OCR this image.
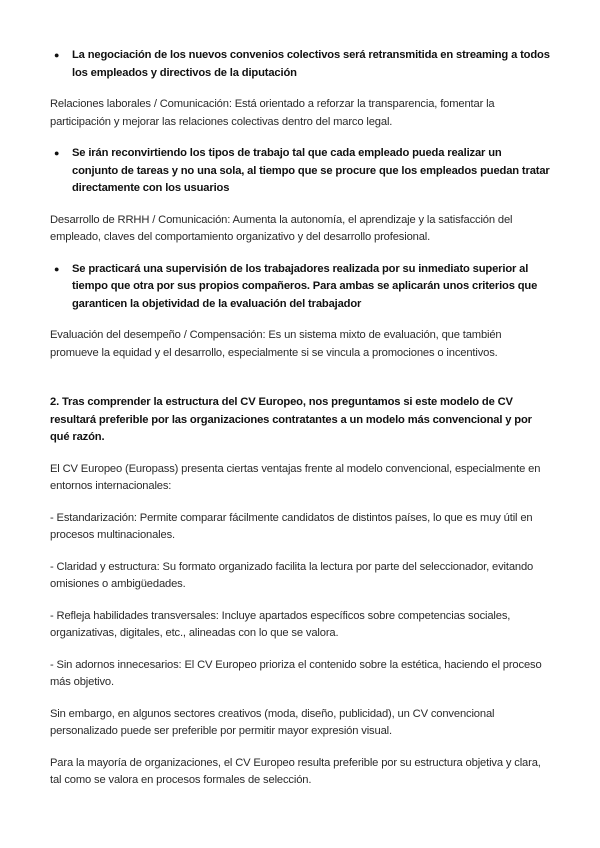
●	La negociación de los nuevos convenios colectivos será retransmitida en streaming a todos los empleados y directivos de la diputación
Relaciones laborales / Comunicación: Está orientado a reforzar la transparencia, fomentar la participación y mejorar las relaciones colectivas dentro del marco legal.
●	Se irán reconvirtiendo los tipos de trabajo tal que cada empleado pueda realizar un conjunto de tareas y no una sola, al tiempo que se procure que los empleados puedan tratar directamente con los usuarios
Desarrollo de RRHH / Comunicación: Aumenta la autonomía, el aprendizaje y la satisfacción del empleado, claves del comportamiento organizativo y del desarrollo profesional.
●	Se practicará una supervisión de los trabajadores realizada por su inmediato superior al tiempo que otra por sus propios compañeros. Para ambas se aplicarán unos criterios que garanticen la objetividad de la evaluación del trabajador
Evaluación del desempeño / Compensación: Es un sistema mixto de evaluación, que también promueve la equidad y el desarrollo, especialmente si se vincula a promociones o incentivos.
2. Tras comprender la estructura del CV Europeo, nos preguntamos si este modelo de CV resultará preferible por las organizaciones contratantes a un modelo más convencional y por qué razón.
El CV Europeo (Europass) presenta ciertas ventajas frente al modelo convencional, especialmente en entornos internacionales:
- Estandarización: Permite comparar fácilmente candidatos de distintos países, lo que es muy útil en procesos multinacionales.
- Claridad y estructura: Su formato organizado facilita la lectura por parte del seleccionador, evitando omisiones o ambigüedades.
- Refleja habilidades transversales: Incluye apartados específicos sobre competencias sociales, organizativas, digitales, etc., alineadas con lo que se valora.
- Sin adornos innecesarios: El CV Europeo prioriza el contenido sobre la estética, haciendo el proceso más objetivo.
Sin embargo, en algunos sectores creativos (moda, diseño, publicidad), un CV convencional personalizado puede ser preferible por permitir mayor expresión visual.
Para la mayoría de organizaciones, el CV Europeo resulta preferible por su estructura objetiva y clara, tal como se valora en procesos formales de selección.
